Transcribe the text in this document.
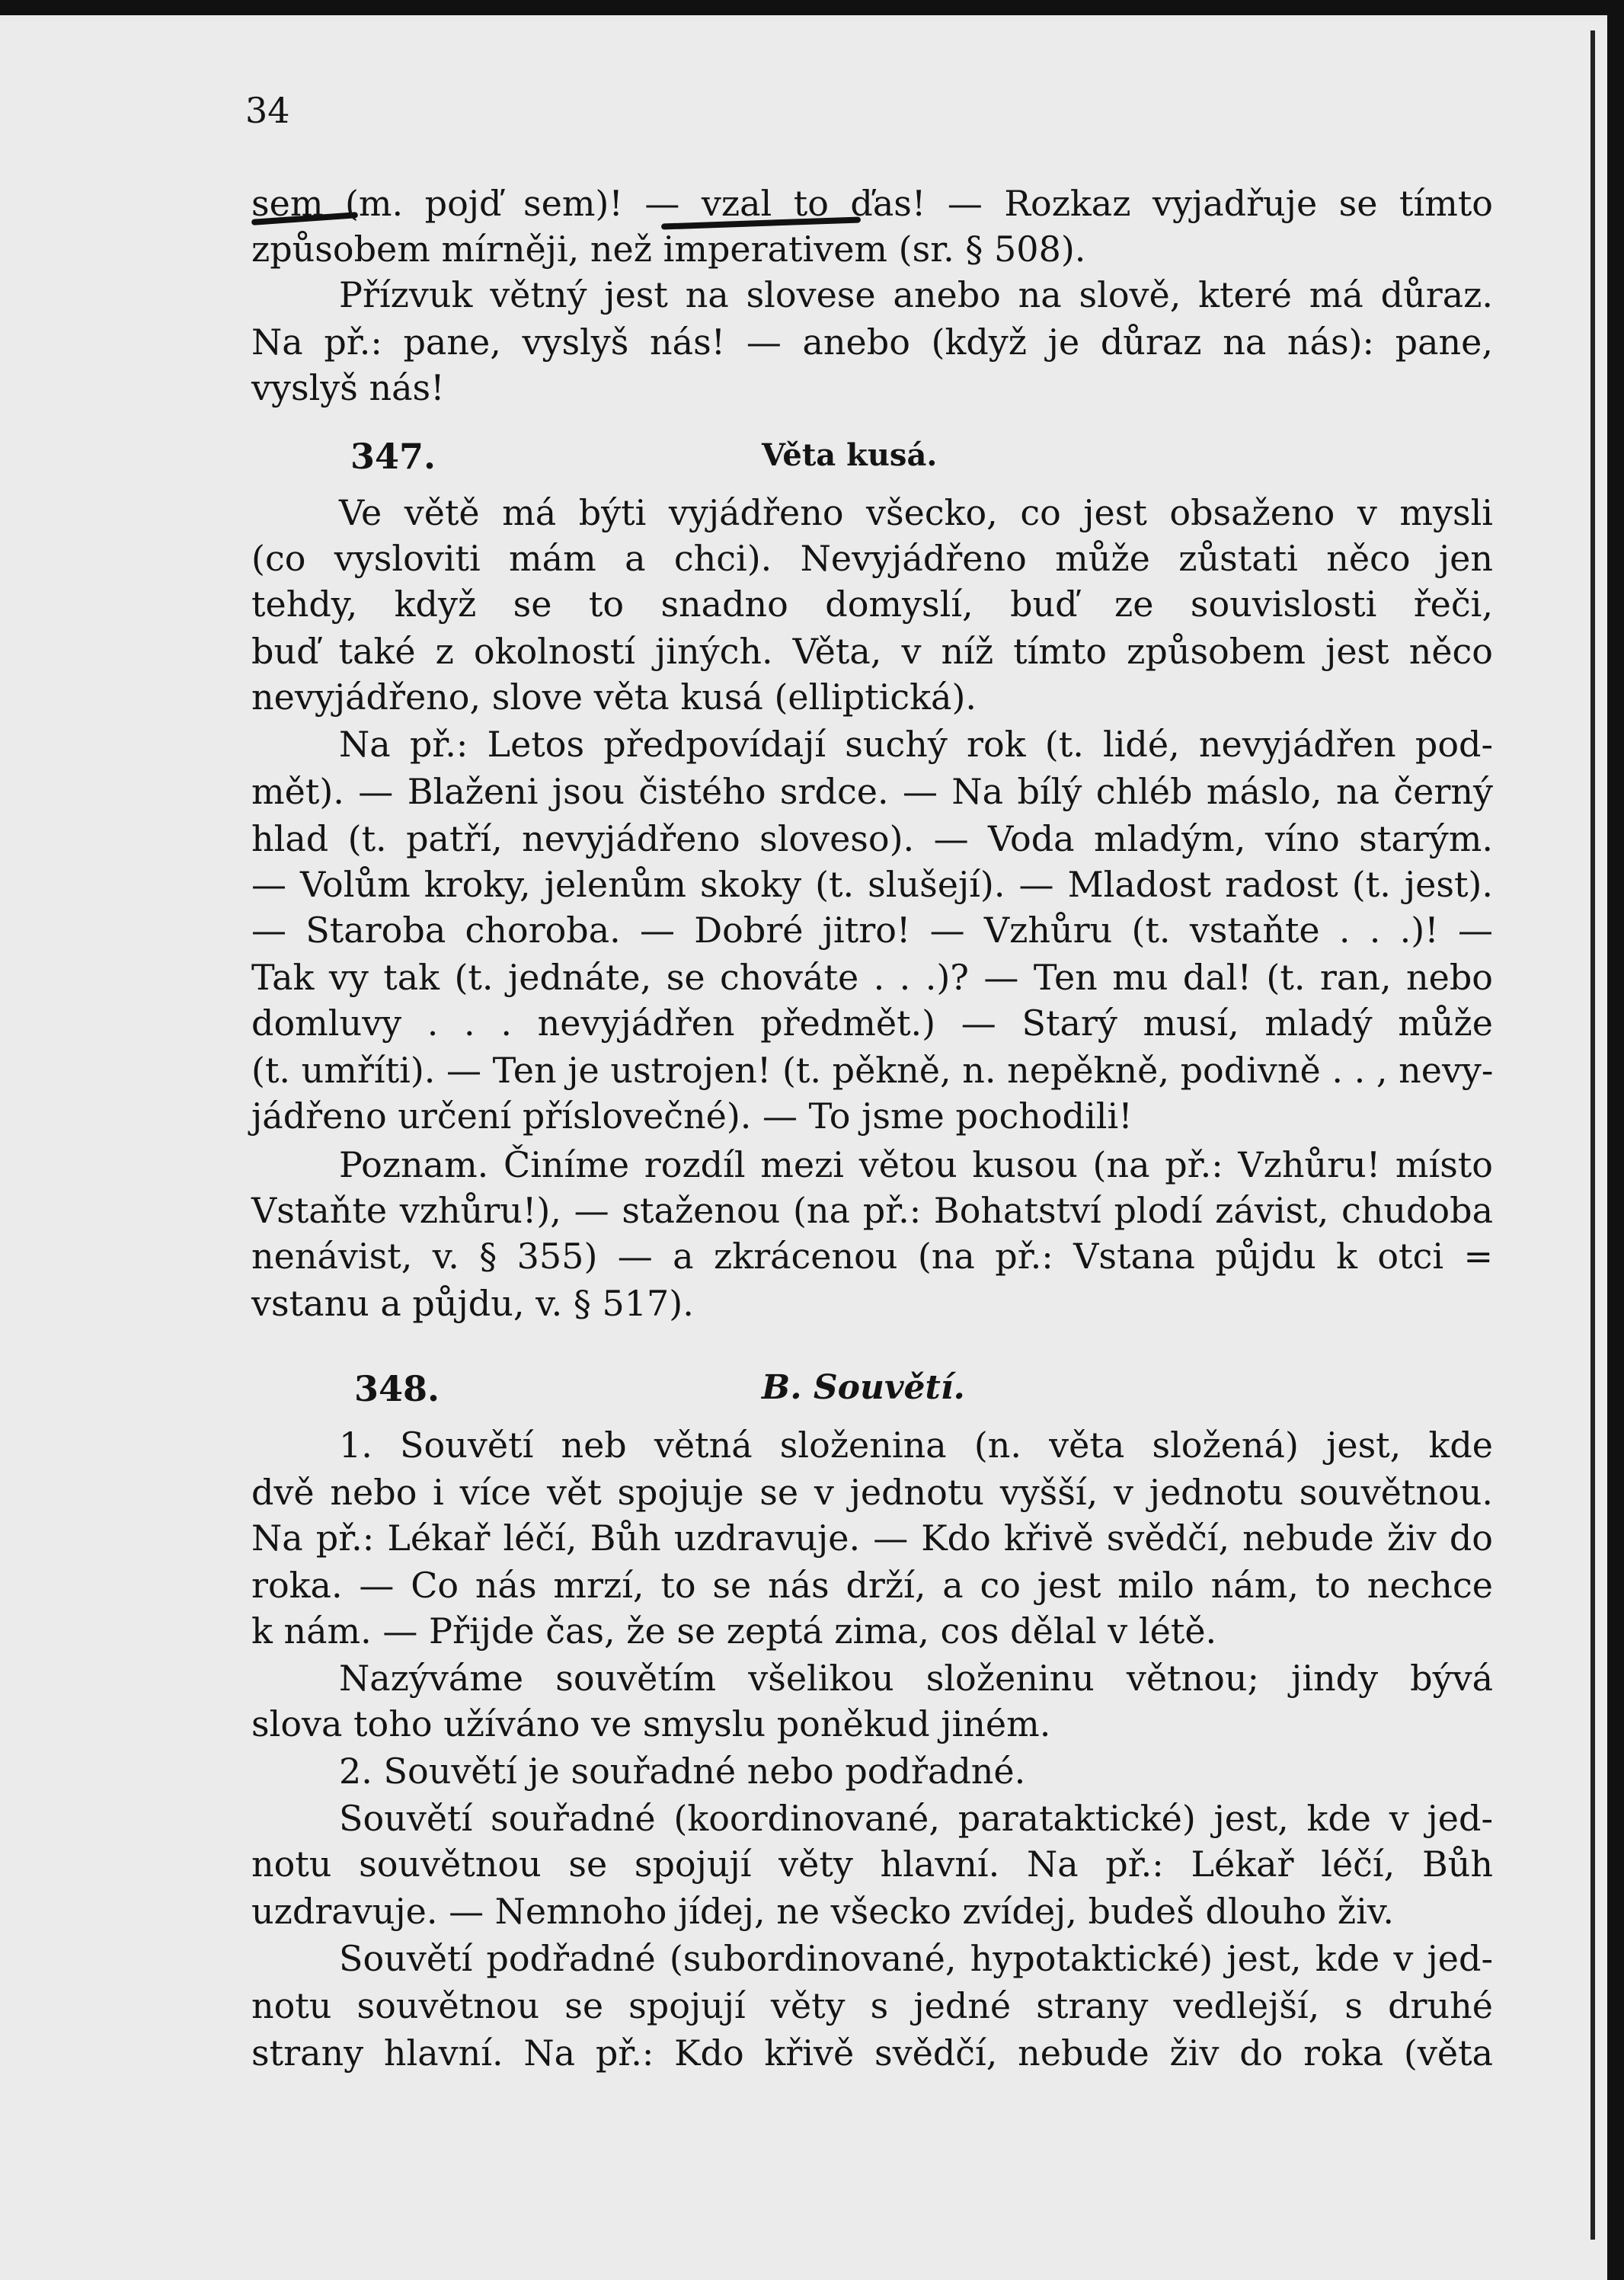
34
sem (m. pojď sem)! — vzal to ďas! — Rozkaz vyjadřuje se tímto
způsobem mírněji, než imperativem (sr. § 508).
Přízvuk větný jest na slovese anebo na slově, které má důraz.
Na př.: pane, vyslyš nás! — anebo (když je důraz na nás): pane,
vyslyš nás!
347.	Věta kusá.
Ve větě má býti vyjádřeno všecko, co jest obsaženo v mysli
(co vysloviti mám a chci). Nevyjádřeno může zůstati něco jen
tehdy, když se to snadno domyslí, buď ze souvislosti řeči,
buď také z okolností jiných. Věta, v níž tímto způsobem jest něco
nevyjádřeno, slove věta kusá (elliptická).
Na př.: Letos předpovídají suchý rok (t. lidé, nevyjádřen pod-
mět). — Blaženi jsou čistého srdce. — Na bílý chléb máslo, na černý
hlad (t. patří, nevyjádřeno sloveso). — Voda mladým, víno starým.
— Volům kroky, jelenům skoky (t. slušejí). — Mladost radost (t. jest).
— Staroba choroba. — Dobré jitro! — Vzhůru (t. vstaňte . . .)! —
Tak vy tak (t. jednáte, se chováte . . .)? — Ten mu dal! (t. ran, nebo
domluvy . . . nevyjádřen předmět.) — Starý musí, mladý může
(t. umříti). — Ten je ustrojen! (t. pěkně, n. nepěkně, podivně . . , nevy-
jádřeno určení příslovečné). — To jsme pochodili!
Poznam. Činíme rozdíl mezi větou kusou (na př.: Vzhůru! místo
Vstaňte vzhůru!), — staženou (na př.: Bohatství plodí závist, chudoba
nenávist, v. § 355) — a zkrácenou (na př.: Vstana půjdu k otci =
vstanu a půjdu, v. § 517).
348.	B. Souvětí.
1. Souvětí neb větná složenina (n. věta složená) jest, kde
dvě nebo i více vět spojuje se v jednotu vyšší, v jednotu souvětnou.
Na př.: Lékař léčí, Bůh uzdravuje. — Kdo křivě svědčí, nebude živ do
roka. — Co nás mrzí, to se nás drží, a co jest milo nám, to nechce
k nám. — Přijde čas, že se zeptá zima, cos dělal v létě.
Nazýváme souvětím všelikou složeninu větnou; jindy bývá
slova toho užíváno ve smyslu poněkud jiném.
2. Souvětí je souřadné nebo podřadné.
Souvětí souřadné (koordinované, parataktické) jest, kde v jed-
notu souvětnou se spojují věty hlavní. Na př.: Lékař léčí, Bůh
uzdravuje. — Nemnoho jídej, ne všecko zvídej, budeš dlouho živ.
Souvětí podřadné (subordinované, hypotaktické) jest, kde v jed-
notu souvětnou se spojují věty s jedné strany vedlejší, s druhé
strany hlavní. Na př.: Kdo křivě svědčí, nebude živ do roka (věta
